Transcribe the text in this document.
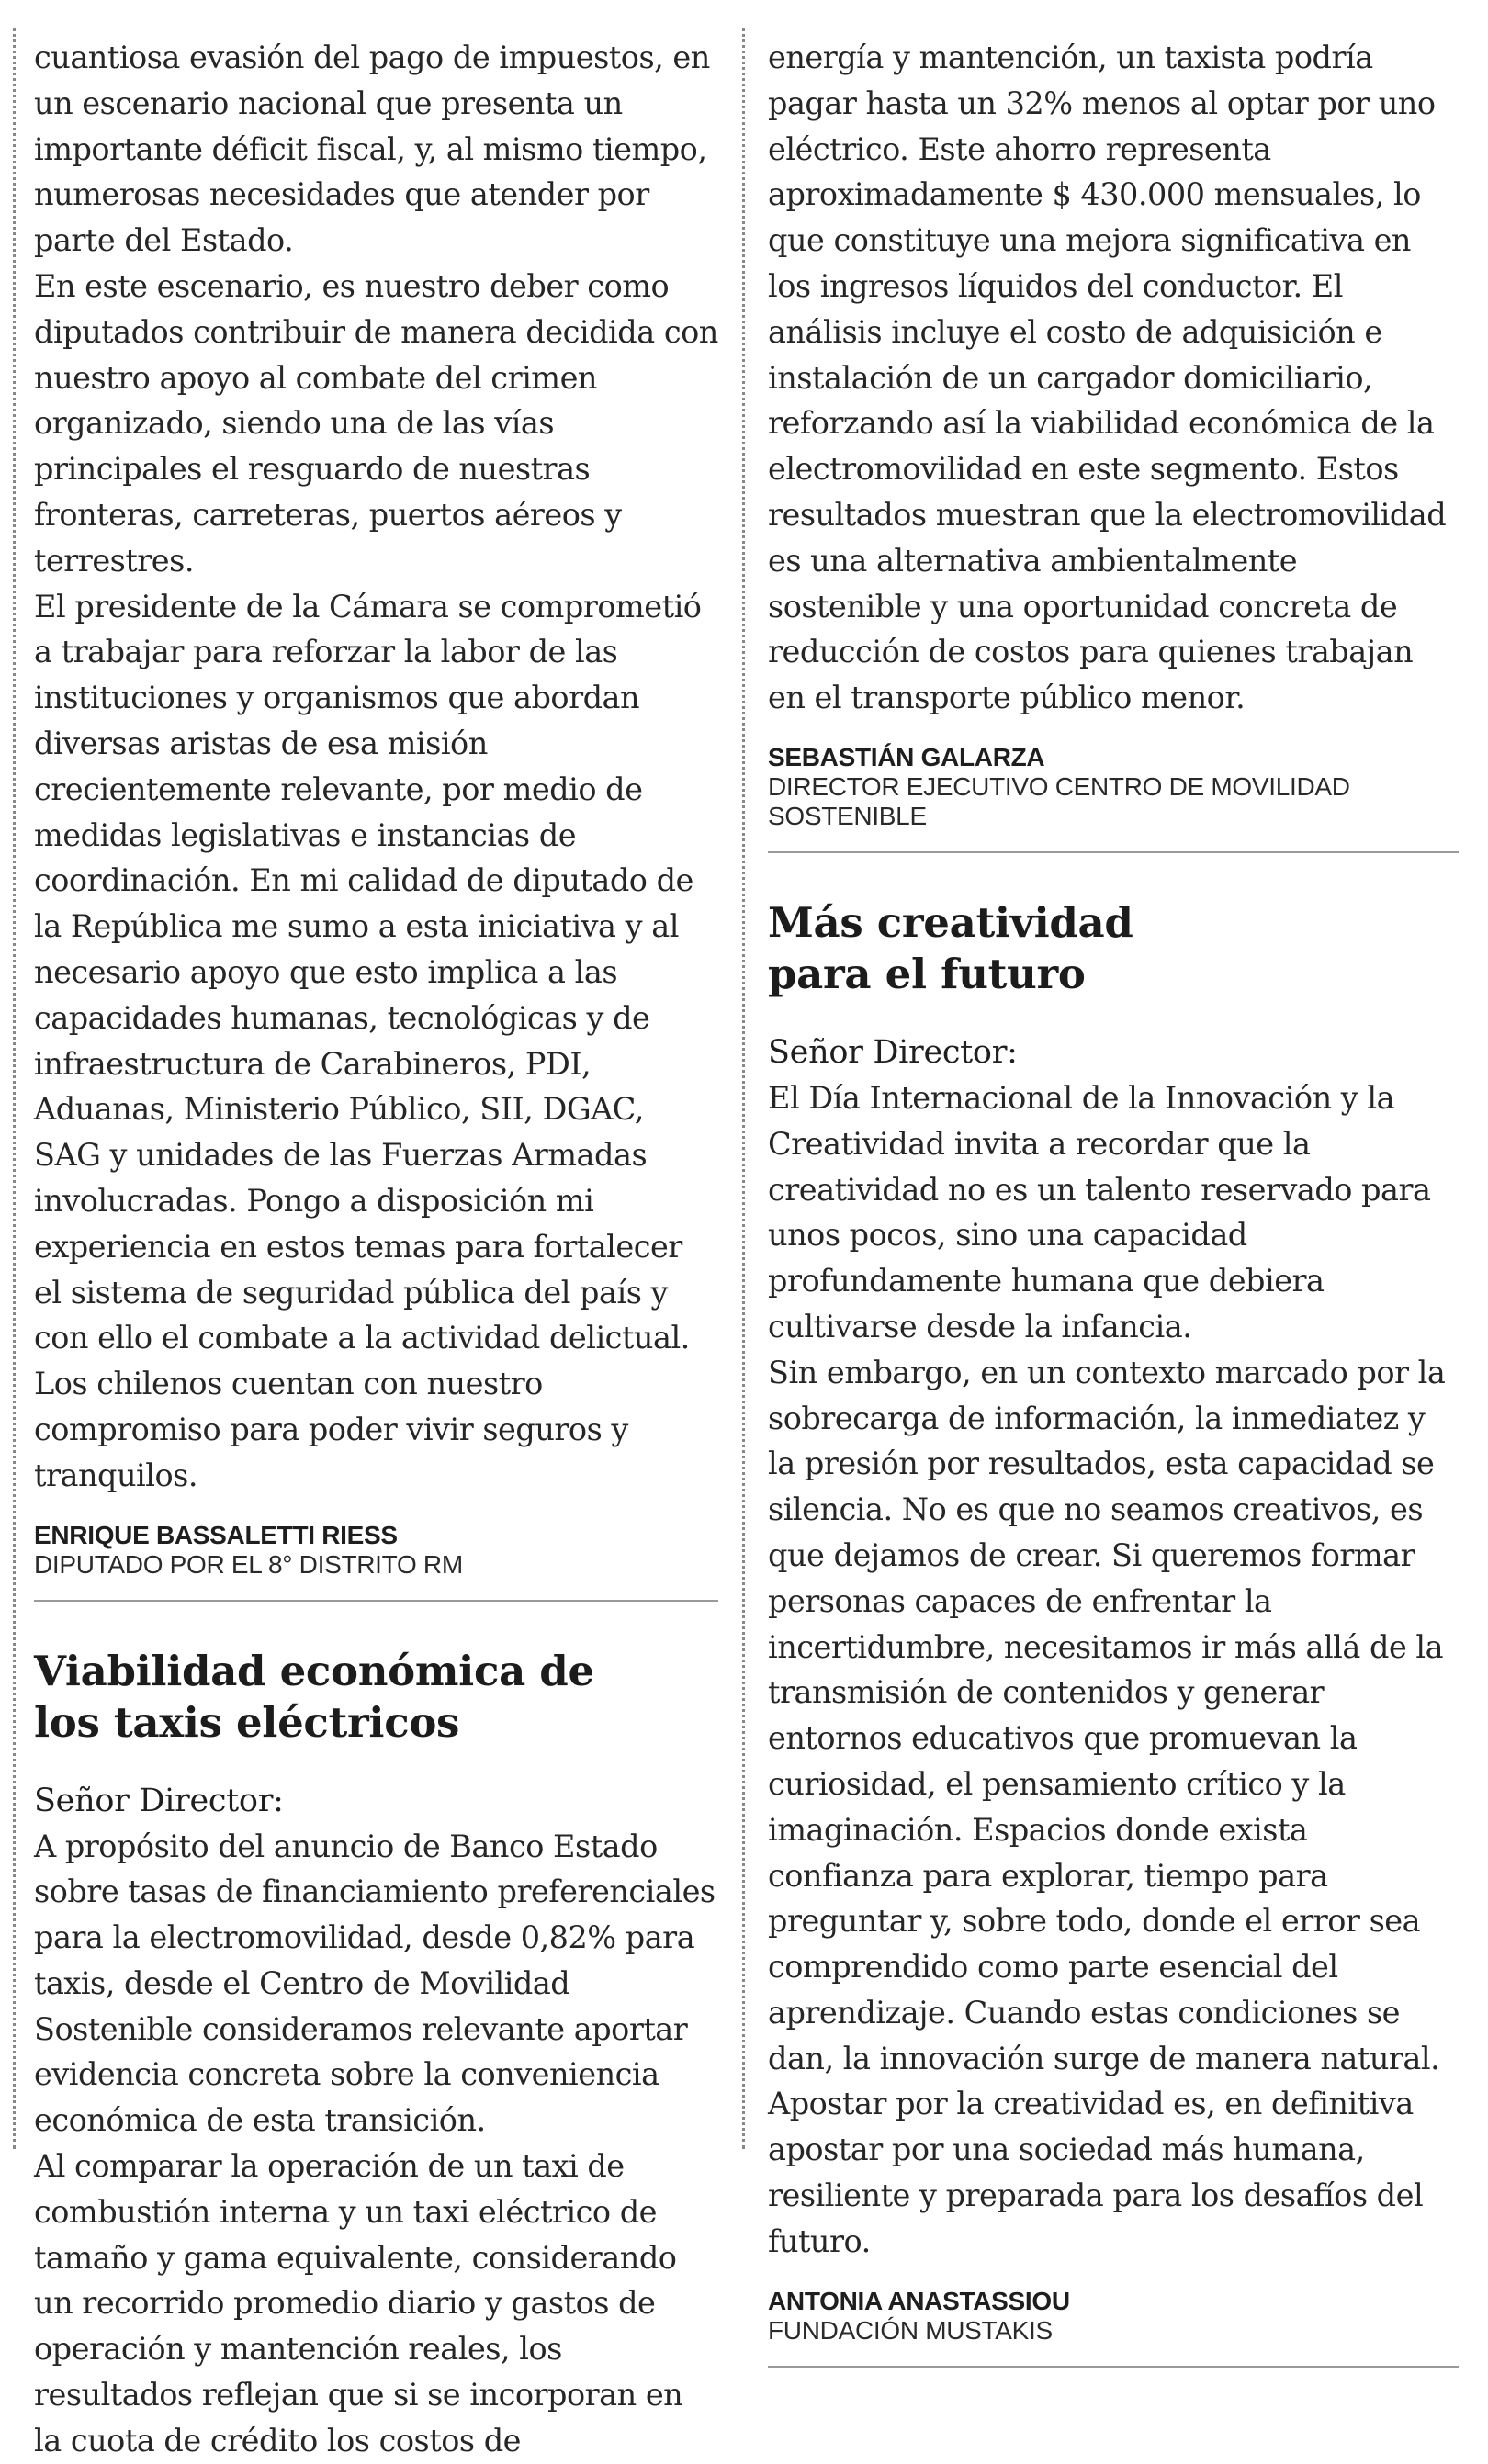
cuantiosa evasión del pago de impuestos, en un escenario nacional que presenta un importante déficit fiscal, y, al mismo tiempo, numerosas necesidades que atender por parte del Estado.

En este escenario, es nuestro deber como diputados contribuir de manera decidida con nuestro apoyo al combate del crimen organizado, siendo una de las vías principales el resguardo de nuestras fronteras, carreteras, puertos aéreos y terrestres.

El presidente de la Cámara se comprometió a trabajar para reforzar la labor de las instituciones y organismos que abordan diversas aristas de esa misión crecientemente relevante, por medio de medidas legislativas e instancias de coordinación. En mi calidad de diputado de la República me sumo a esta iniciativa y al necesario apoyo que esto implica a las capacidades humanas, tecnológicas y de infraestructura de Carabineros, PDI, Aduanas, Ministerio Público, SII, DGAC, SAG y unidades de las Fuerzas Armadas involucradas. Pongo a disposición mi experiencia en estos temas para fortalecer el sistema de seguridad pública del país y con ello el combate a la actividad delictual. Los chilenos cuentan con nuestro compromiso para poder vivir seguros y tranquilos.

ENRIQUE BASSALETTI RIESS
DIPUTADO POR EL 8° DISTRITO RM
Viabilidad económica de
los taxis eléctricos
Señor Director:

A propósito del anuncio de Banco Estado sobre tasas de financiamiento preferenciales para la electromovilidad, desde 0,82% para taxis, desde el Centro de Movilidad Sostenible consideramos relevante aportar evidencia concreta sobre la conveniencia económica de esta transición.

Al comparar la operación de un taxi de combustión interna y un taxi eléctrico de tamaño y gama equivalente, considerando un recorrido promedio diario y gastos de operación y mantención reales, los resultados reflejan que si se incorporan en la cuota de crédito los costos de

energía y mantención, un taxista podría pagar hasta un 32% menos al optar por uno eléctrico. Este ahorro representa aproximadamente $ 430.000 mensuales, lo que constituye una mejora significativa en los ingresos líquidos del conductor. El análisis incluye el costo de adquisición e instalación de un cargador domiciliario, reforzando así la viabilidad económica de la electromovilidad en este segmento. Estos resultados muestran que la electromovilidad es una alternativa ambientalmente sostenible y una oportunidad concreta de reducción de costos para quienes trabajan en el transporte público menor.

SEBASTIÁN GALARZA
DIRECTOR EJECUTIVO CENTRO DE MOVILIDAD
SOSTENIBLE
Más creatividad
para el futuro
Señor Director:

El Día Internacional de la Innovación y la Creatividad invita a recordar que la creatividad no es un talento reservado para unos pocos, sino una capacidad profundamente humana que debiera cultivarse desde la infancia.

Sin embargo, en un contexto marcado por la sobrecarga de información, la inmediatez y la presión por resultados, esta capacidad se silencia. No es que no seamos creativos, es que dejamos de crear. Si queremos formar personas capaces de enfrentar la incertidumbre, necesitamos ir más allá de la transmisión de contenidos y generar entornos educativos que promuevan la curiosidad, el pensamiento crítico y la imaginación. Espacios donde exista confianza para explorar, tiempo para preguntar y, sobre todo, donde el error sea comprendido como parte esencial del aprendizaje. Cuando estas condiciones se dan, la innovación surge de manera natural. Apostar por la creatividad es, en definitiva apostar por una sociedad más humana, resiliente y preparada para los desafíos del futuro.

ANTONIA ANASTASSIOU
FUNDACIÓN MUSTAKIS
